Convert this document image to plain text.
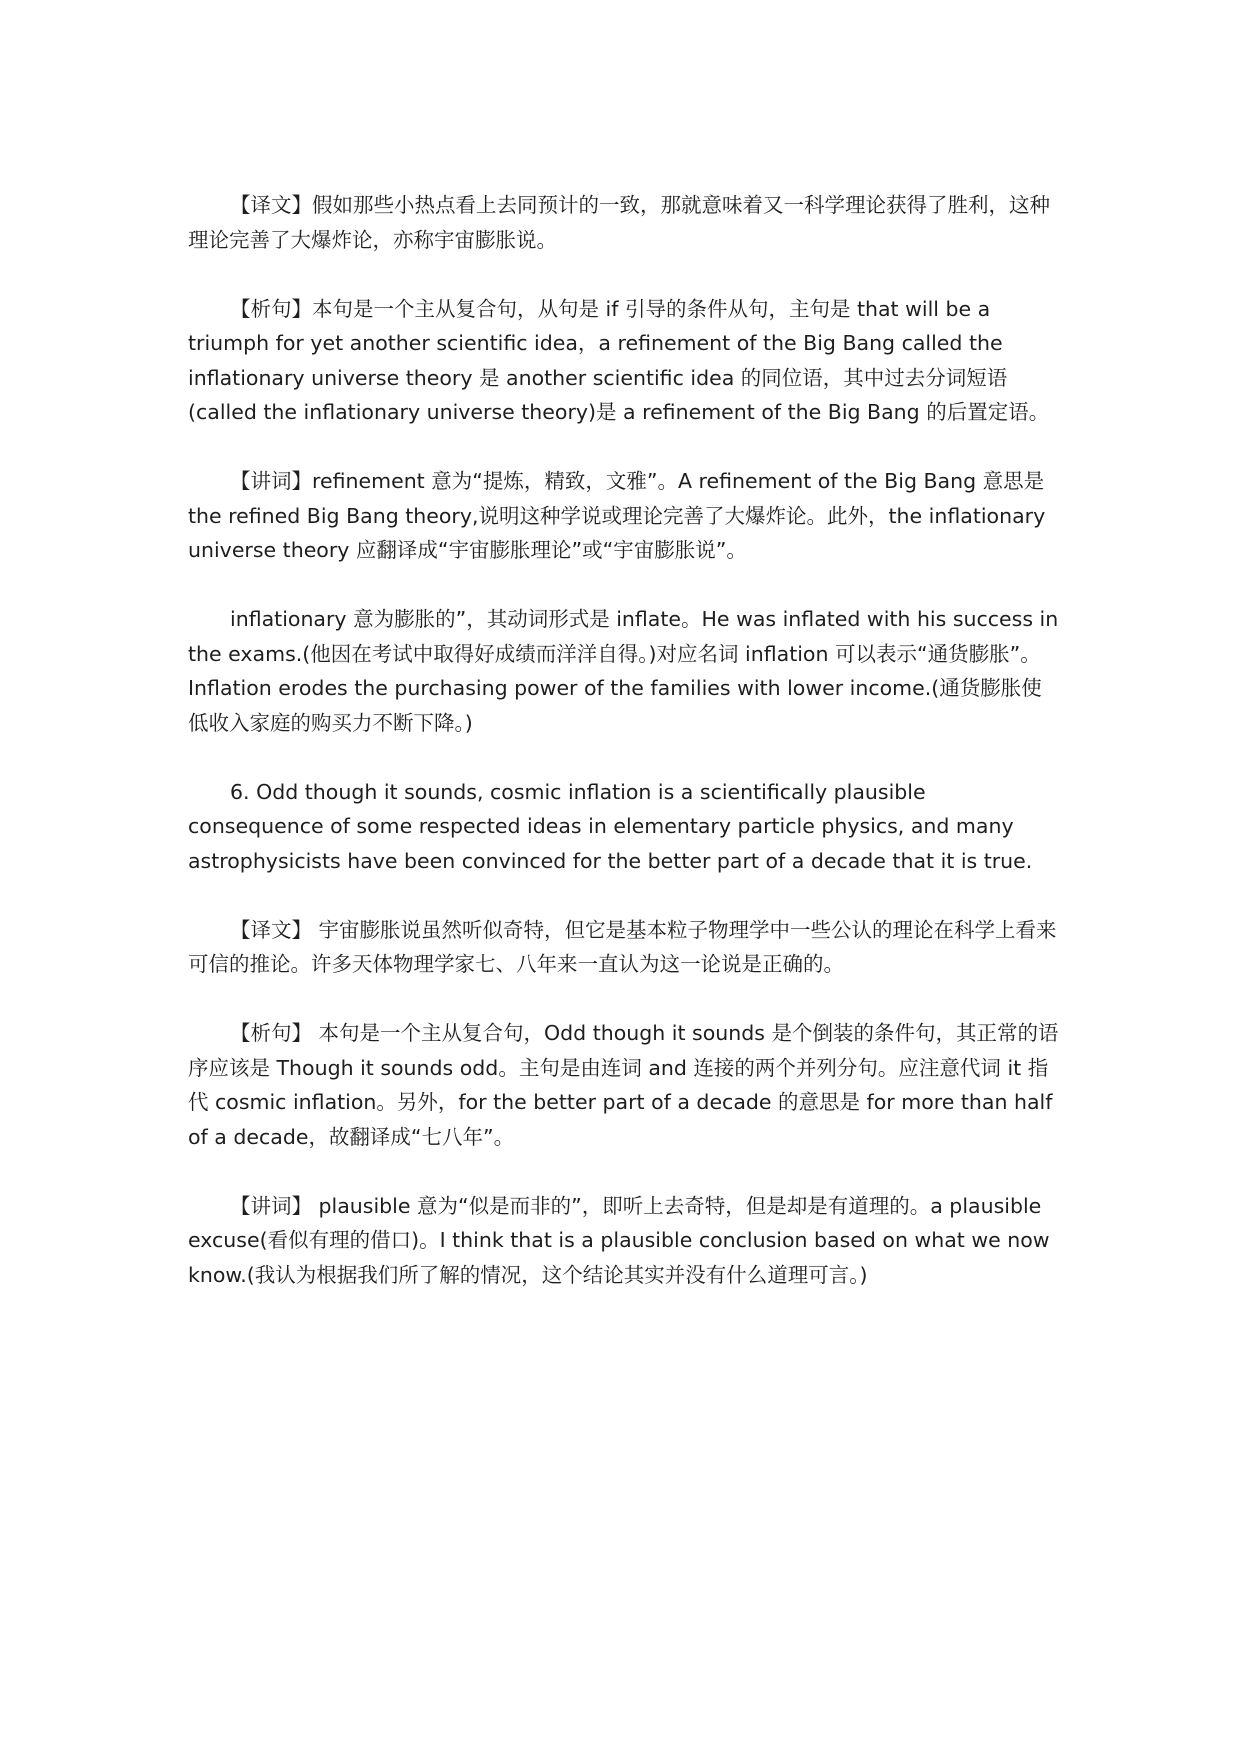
【译文】假如那些小热点看上去同预计的一致，那就意味着又一科学理论获得了胜利，这种理论完善了大爆炸论，亦称宇宙膨胀说。

【析句】本句是一个主从复合句，从句是 if 引导的条件从句，主句是 that will be a triumph for yet another scientific idea，a refinement of the Big Bang called the inflationary universe theory 是 another scientific idea 的同位语，其中过去分词短语(called the inflationary universe theory)是 a refinement of the Big Bang 的后置定语。

【讲词】refinement 意为“提炼，精致，文雅”。A refinement of the Big Bang 意思是 the refined Big Bang theory,说明这种学说或理论完善了大爆炸论。此外，the inflationary universe theory 应翻译成“宇宙膨胀理论”或“宇宙膨胀说”。

inflationary 意为膨胀的”，其动词形式是 inflate。He was inflated with his success in the exams.(他因在考试中取得好成绩而洋洋自得。)对应名词 inflation 可以表示“通货膨胀”。Inflation erodes the purchasing power of the families with lower income.(通货膨胀使低收入家庭的购买力不断下降。)

6. Odd though it sounds, cosmic inflation is a scientifically plausible consequence of some respected ideas in elementary particle physics, and many astrophysicists have been convinced for the better part of a decade that it is true.

【译文】 宇宙膨胀说虽然听似奇特，但它是基本粒子物理学中一些公认的理论在科学上看来可信的推论。许多天体物理学家七、八年来一直认为这一论说是正确的。

【析句】 本句是一个主从复合句，Odd though it sounds 是个倒装的条件句，其正常的语序应该是 Though it sounds odd。主句是由连词 and 连接的两个并列分句。应注意代词 it 指代 cosmic inflation。另外，for the better part of a decade 的意思是 for more than half of a decade，故翻译成“七八年”。

【讲词】 plausible 意为“似是而非的”，即听上去奇特，但是却是有道理的。a plausible excuse(看似有理的借口)。I think that is a plausible conclusion based on what we now know.(我认为根据我们所了解的情况，这个结论其实并没有什么道理可言。)
